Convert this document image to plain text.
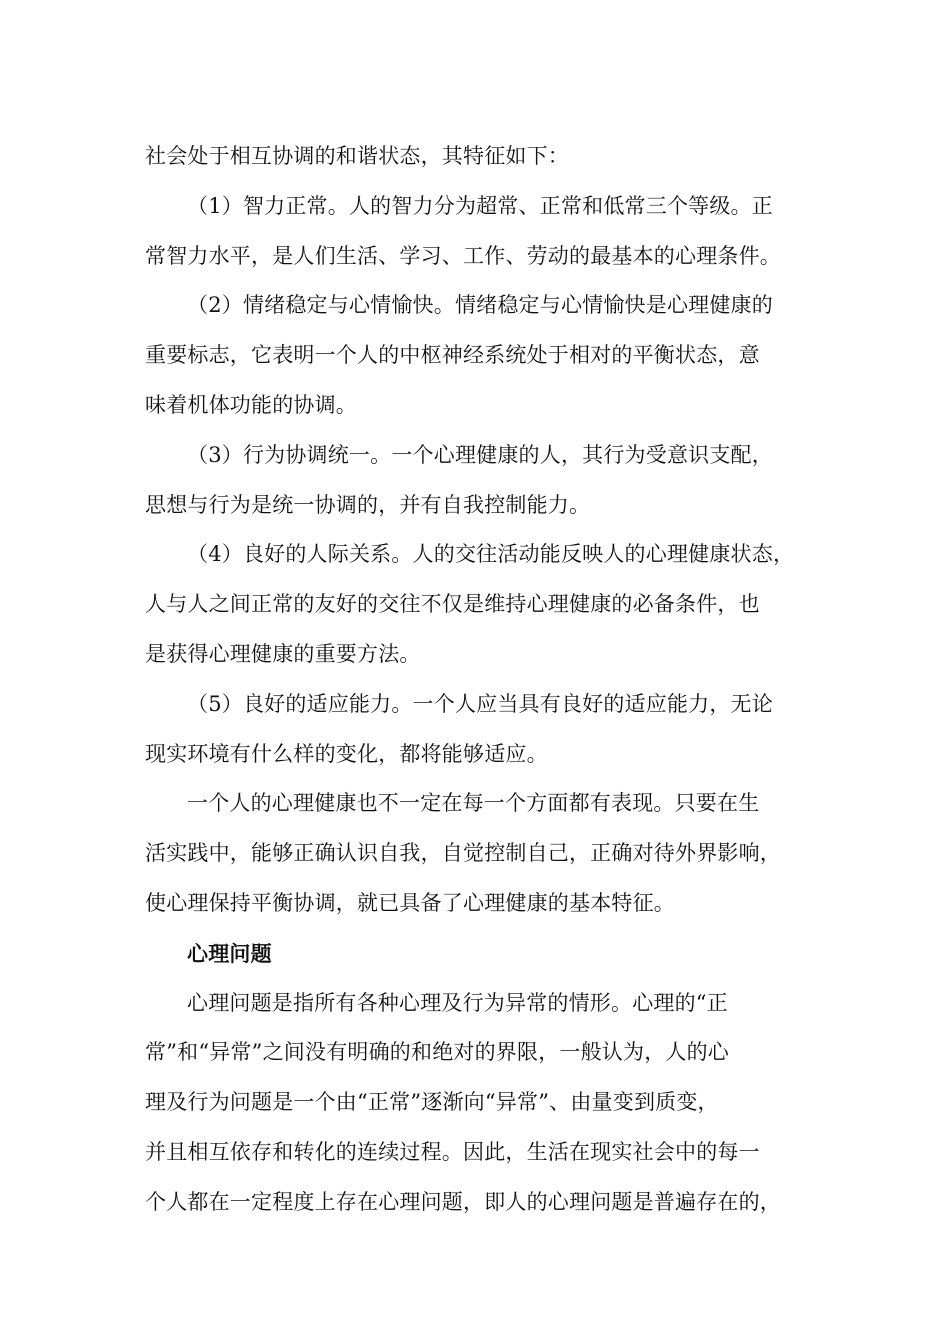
社会处于相互协调的和谐状态，其特征如下：
（1）智力正常。人的智力分为超常、正常和低常三个等级。正
常智力水平，是人们生活、学习、工作、劳动的最基本的心理条件。
（2）情绪稳定与心情愉快。情绪稳定与心情愉快是心理健康的
重要标志，它表明一个人的中枢神经系统处于相对的平衡状态，意
味着机体功能的协调。
（3）行为协调统一。一个心理健康的人，其行为受意识支配，
思想与行为是统一协调的，并有自我控制能力。
（4）良好的人际关系。人的交往活动能反映人的心理健康状态，
人与人之间正常的友好的交往不仅是维持心理健康的必备条件，也
是获得心理健康的重要方法。
（5）良好的适应能力。一个人应当具有良好的适应能力，无论
现实环境有什么样的变化，都将能够适应。
一个人的心理健康也不一定在每一个方面都有表现。只要在生
活实践中，能够正确认识自我，自觉控制自己，正确对待外界影响，
使心理保持平衡协调，就已具备了心理健康的基本特征。
心理问题
心理问题是指所有各种心理及行为异常的情形。心理的“正
常”和“异常”之间没有明确的和绝对的界限，一般认为，人的心
理及行为问题是一个由“正常”逐渐向“异常”、由量变到质变，
并且相互依存和转化的连续过程。因此，生活在现实社会中的每一
个人都在一定程度上存在心理问题，即人的心理问题是普遍存在的，
